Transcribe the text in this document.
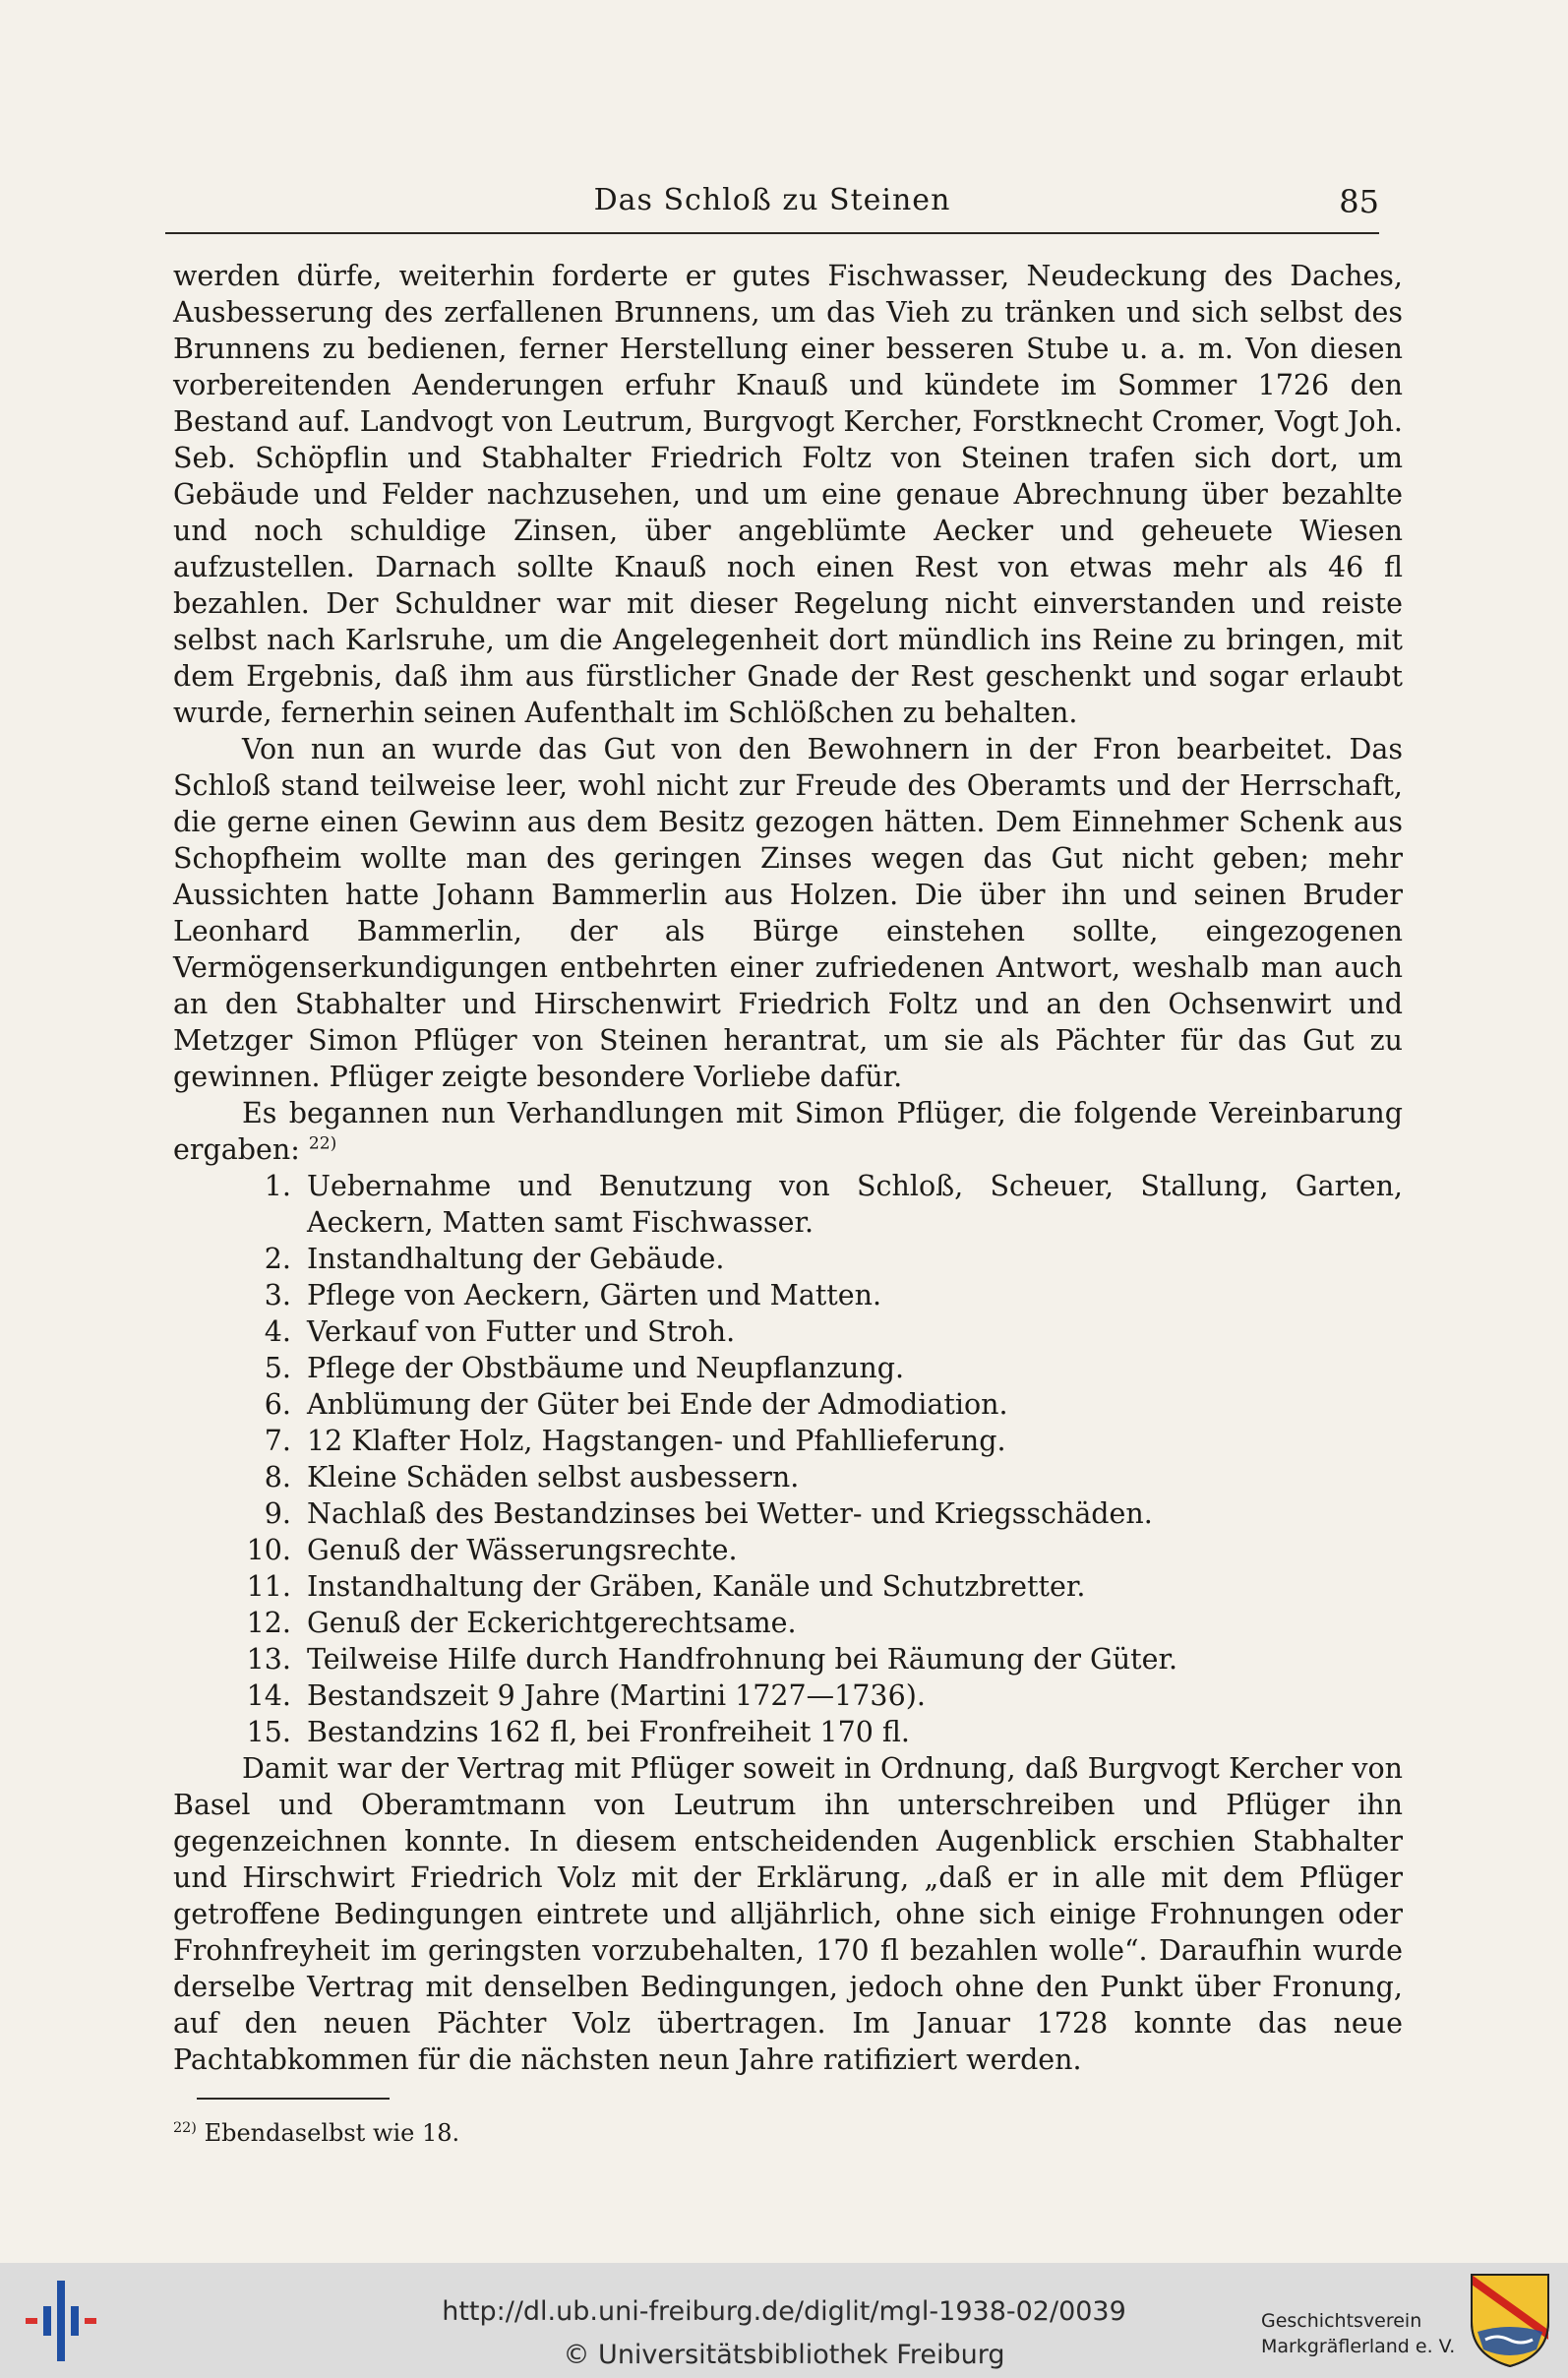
Das Schloß zu Steinen	85

werden dürfe, weiterhin forderte er gutes Fischwasser, Neudeckung des Daches, Ausbesserung des zerfallenen Brunnens, um das Vieh zu tränken und sich selbst des Brunnens zu bedienen, ferner Herstellung einer besseren Stube u. a. m. Von diesen vorbereitenden Aenderungen erfuhr Knauß und kündete im Sommer 1726 den Bestand auf. Landvogt von Leutrum, Burgvogt Kercher, Forstknecht Cromer, Vogt Joh. Seb. Schöpflin und Stabhalter Friedrich Foltz von Steinen trafen sich dort, um Gebäude und Felder nachzusehen, und um eine genaue Abrechnung über bezahlte und noch schuldige Zinsen, über angeblümte Aecker und geheuete Wiesen aufzustellen. Darnach sollte Knauß noch einen Rest von etwas mehr als 46 fl bezahlen. Der Schuldner war mit dieser Regelung nicht einverstanden und reiste selbst nach Karlsruhe, um die Angelegenheit dort mündlich ins Reine zu bringen, mit dem Ergebnis, daß ihm aus fürstlicher Gnade der Rest geschenkt und sogar erlaubt wurde, fernerhin seinen Aufenthalt im Schlößchen zu behalten.

Von nun an wurde das Gut von den Bewohnern in der Fron bearbeitet. Das Schloß stand teilweise leer, wohl nicht zur Freude des Oberamts und der Herrschaft, die gerne einen Gewinn aus dem Besitz gezogen hätten. Dem Einnehmer Schenk aus Schopfheim wollte man des geringen Zinses wegen das Gut nicht geben; mehr Aussichten hatte Johann Bammerlin aus Holzen. Die über ihn und seinen Bruder Leonhard Bammerlin, der als Bürge einstehen sollte, eingezogenen Vermögenserkundigungen entbehrten einer zufriedenen Antwort, weshalb man auch an den Stabhalter und Hirschenwirt Friedrich Foltz und an den Ochsenwirt und Metzger Simon Pflüger von Steinen herantrat, um sie als Pächter für das Gut zu gewinnen. Pflüger zeigte besondere Vorliebe dafür.

Es begannen nun Verhandlungen mit Simon Pflüger, die folgende Vereinbarung ergaben: $^{22)}$

1. Uebernahme und Benutzung von Schloß, Scheuer, Stallung, Garten, Aeckern, Matten samt Fischwasser.
2. Instandhaltung der Gebäude.
3. Pflege von Aeckern, Gärten und Matten.
4. Verkauf von Futter und Stroh.
5. Pflege der Obstbäume und Neupflanzung.
6. Anblümung der Güter bei Ende der Admodiation.
7. 12 Klafter Holz, Hagstangen- und Pfahllieferung.
8. Kleine Schäden selbst ausbessern.
9. Nachlaß des Bestandzinses bei Wetter- und Kriegsschäden.
10. Genuß der Wässerungsrechte.
11. Instandhaltung der Gräben, Kanäle und Schutzbretter.
12. Genuß der Eckerichtgerechtsame.
13. Teilweise Hilfe durch Handfrohnung bei Räumung der Güter.
14. Bestandszeit 9 Jahre (Martini 1727—1736).
15. Bestandzins 162 fl, bei Fronfreiheit 170 fl.

Damit war der Vertrag mit Pflüger soweit in Ordnung, daß Burgvogt Kercher von Basel und Oberamtmann von Leutrum ihn unterschreiben und Pflüger ihn gegenzeichnen konnte. In diesem entscheidenden Augenblick erschien Stabhalter und Hirschwirt Friedrich Volz mit der Erklärung, „daß er in alle mit dem Pflüger getroffene Bedingungen eintrete und alljährlich, ohne sich einige Frohnungen oder Frohnfreyheit im geringsten vorzubehalten, 170 fl bezahlen wolle“. Daraufhin wurde derselbe Vertrag mit denselben Bedingungen, jedoch ohne den Punkt über Fronung, auf den neuen Pächter Volz übertragen. Im Januar 1728 konnte das neue Pachtabkommen für die nächsten neun Jahre ratifiziert werden.

$^{22)}$ Ebendaselbst wie 18.

http://dl.ub.uni-freiburg.de/diglit/mgl-1938-02/0039
© Universitätsbibliothek Freiburg
Geschichtsverein
Markgräflerland e. V.
